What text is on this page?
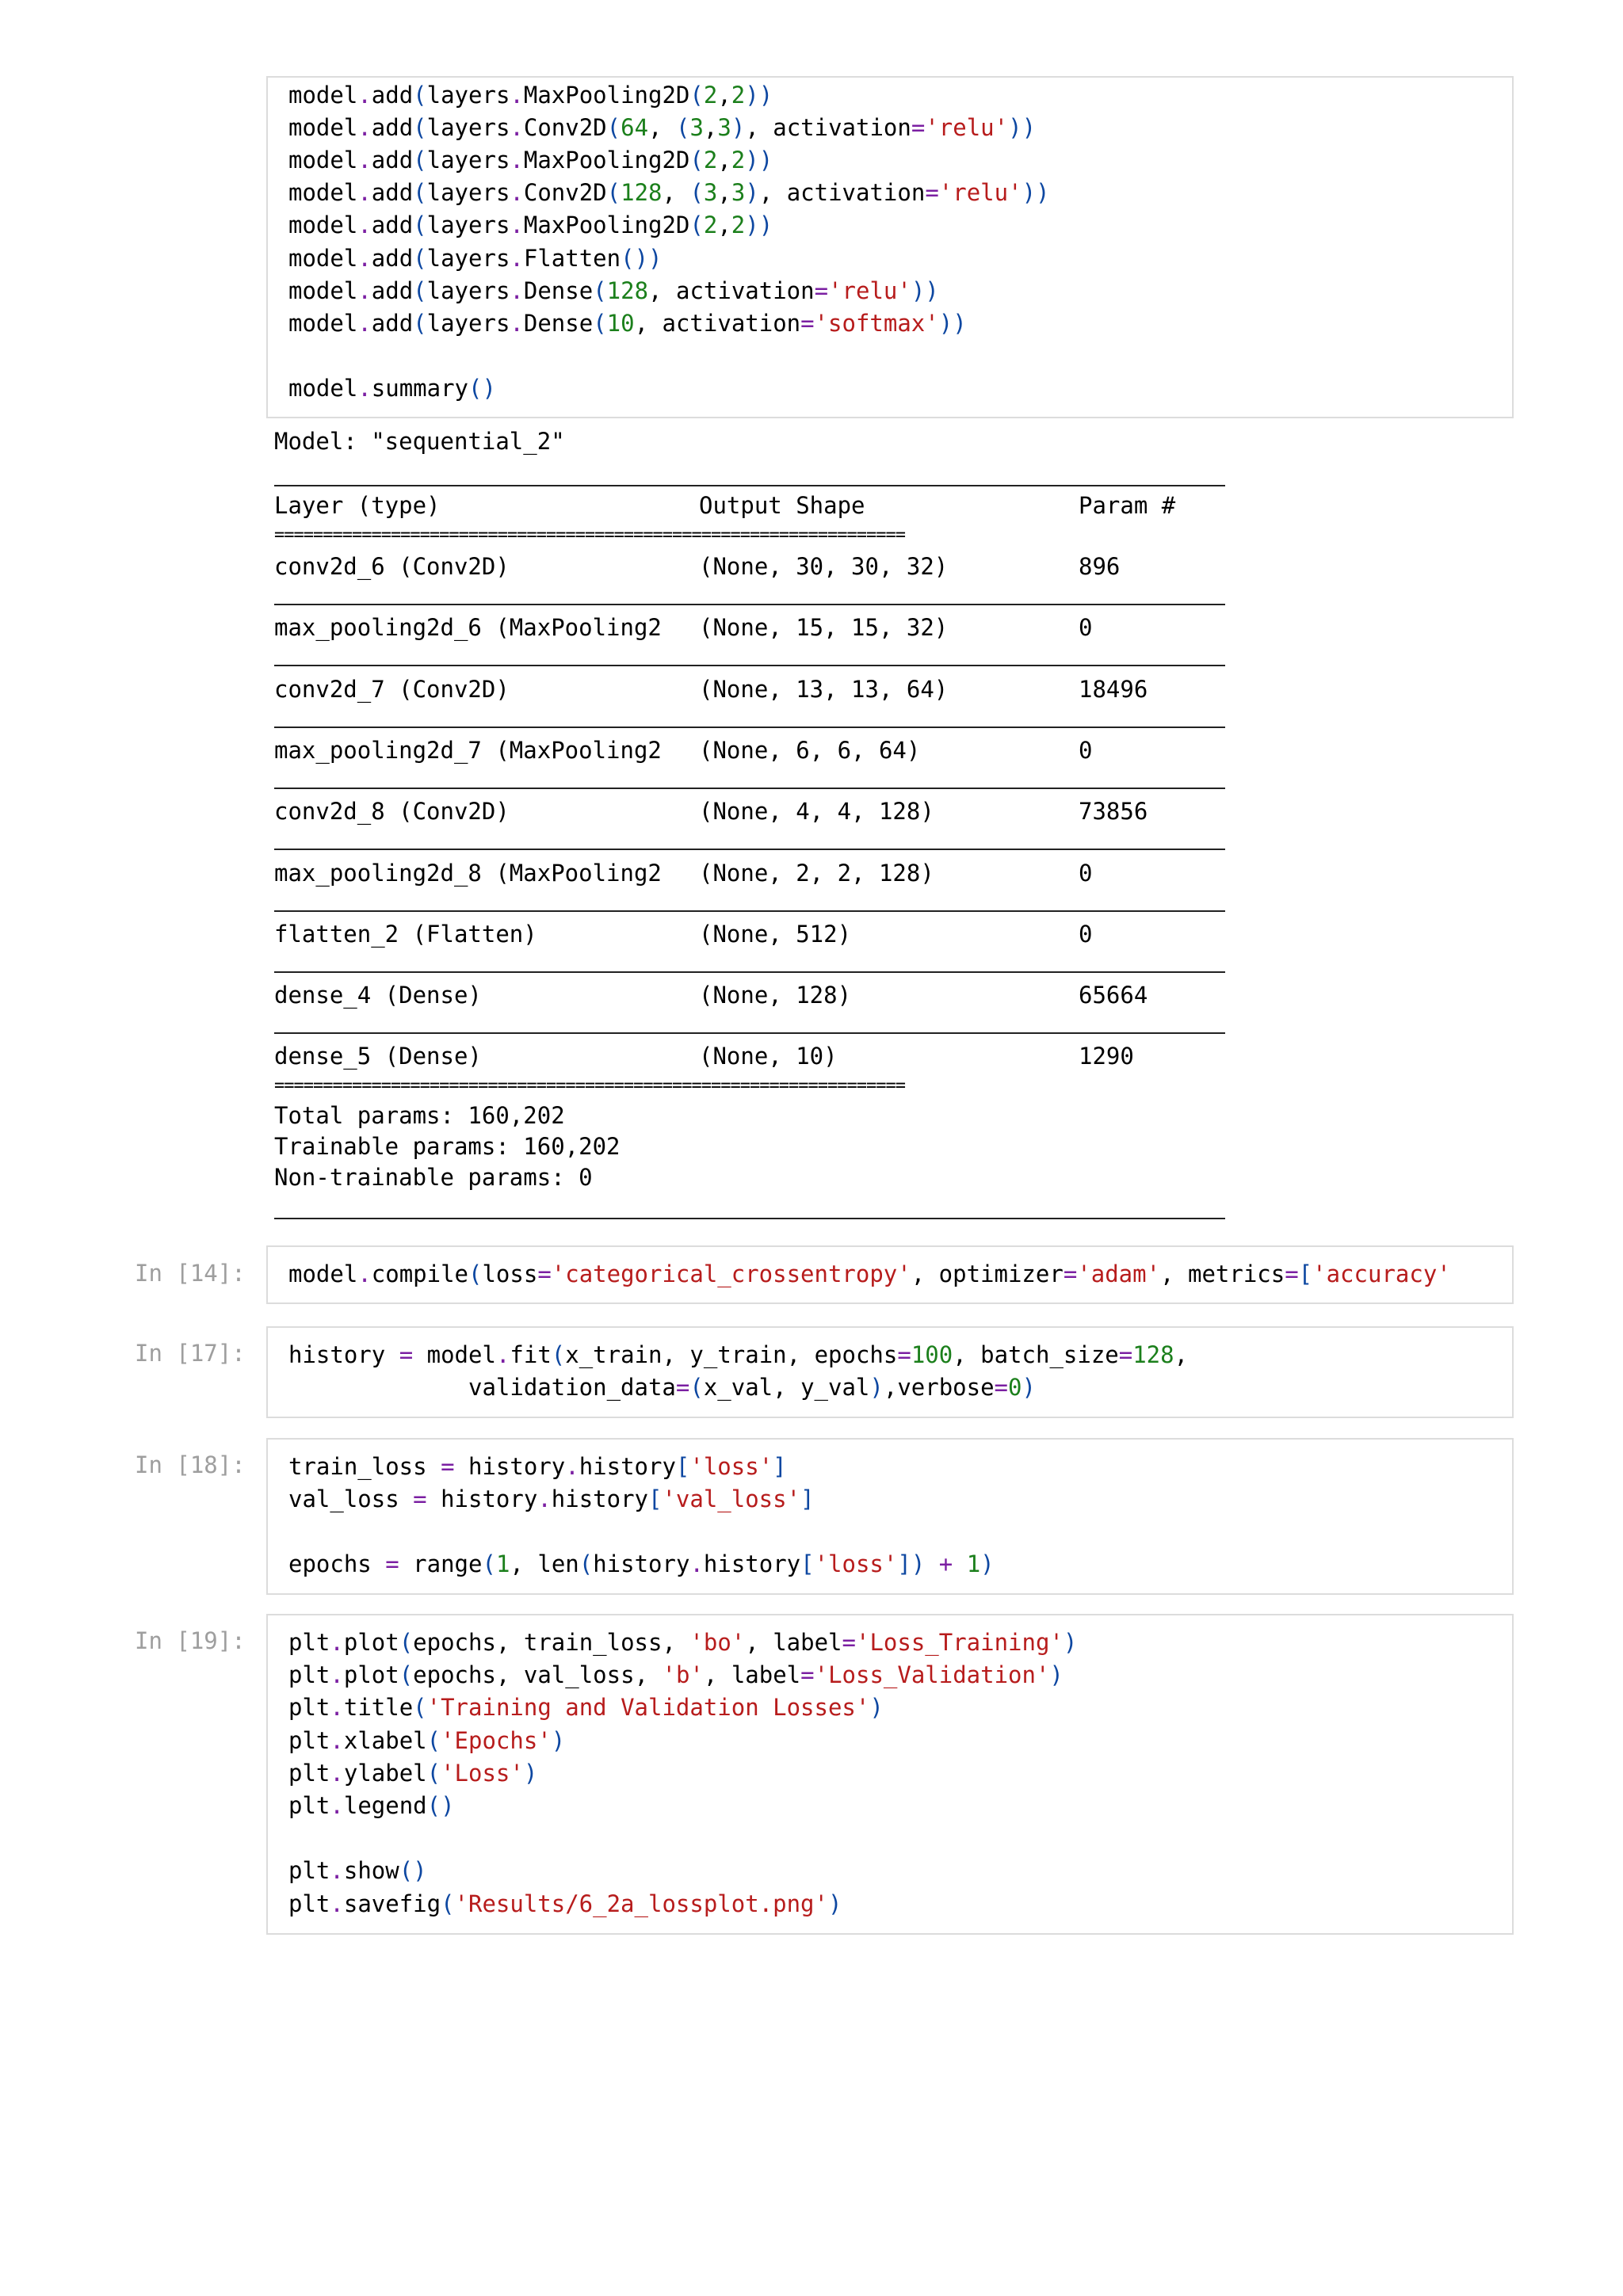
model.add(layers.MaxPooling2D(2,2))
model.add(layers.Conv2D(64, (3,3), activation='relu'))
model.add(layers.MaxPooling2D(2,2))
model.add(layers.Conv2D(128, (3,3), activation='relu'))
model.add(layers.MaxPooling2D(2,2))
model.add(layers.Flatten())
model.add(layers.Dense(128, activation='relu'))
model.add(layers.Dense(10, activation='softmax'))
model.summary()
Model: "sequential_2"
Layer (type)	Output Shape	Param #
=================================================================
conv2d_6 (Conv2D)	(None, 30, 30, 32)	896
max_pooling2d_6 (MaxPooling2 (None, 15, 15, 32)	0
conv2d_7 (Conv2D)	(None, 13, 13, 64)	18496
max_pooling2d_7 (MaxPooling2 (None, 6, 6, 64)	0
conv2d_8 (Conv2D)	(None, 4, 4, 128)	73856
max_pooling2d_8 (MaxPooling2 (None, 2, 2, 128)	0
flatten_2 (Flatten)	(None, 512)	0
dense_4 (Dense)	(None, 128)	65664
dense_5 (Dense)	(None, 10)	1290
=================================================================
Total params: 160,202
Trainable params: 160,202
Non-trainable params: 0
In [14]:	model.compile(loss='categorical_crossentropy', optimizer='adam', metrics=['accuracy'
In [17]:	history = model.fit(x_train, y_train, epochs=100, batch_size=128,
validation_data=(x_val, y_val),verbose=0)
In [18]:	train_loss = history.history['loss']
val_loss = history.history['val_loss']
epochs = range(1, len(history.history['loss']) + 1)
In [19]:	plt.plot(epochs, train_loss, 'bo', label='Loss_Training')
plt.plot(epochs, val_loss, 'b', label='Loss_Validation')
plt.title('Training and Validation Losses')
plt.xlabel('Epochs')
plt.ylabel('Loss')
plt.legend()
plt.show()
plt.savefig('Results/6_2a_lossplot.png')
